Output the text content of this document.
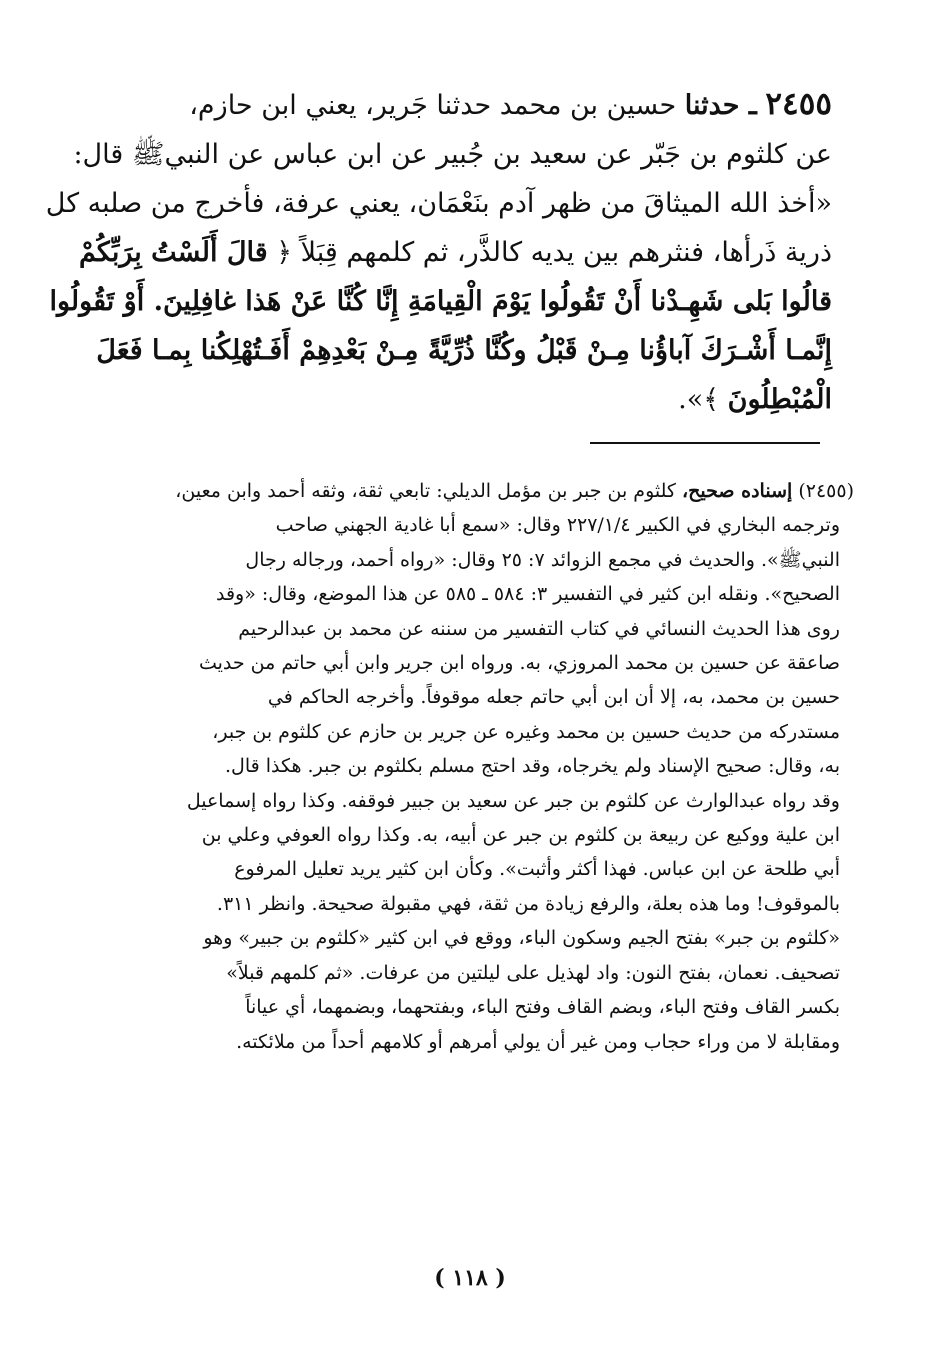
٢٤٥٥ ـ حدثنا حسين بن محمد حدثنا جَرير، يعني ابن حازم،
عن كلثوم بن جَبّر عن سعيد بن جُبير عن ابن عباس عن النبيﷺ قال:
«أخذ الله الميثاقَ من ظهر آدم بنَعْمَان، يعني عرفة، فأخرج من صلبه كل
ذرية ذَرأها، فنثرهم بين يديه كالذَّر، ثم كلمهم قِبَلاً ﴿ قالَ أَلَسْتُ بِرَبِّكُمْ
قالُوا بَلى شَهِـدْنا أَنْ تَقُولُوا يَوْمَ الْقِيامَةِ إِنَّا كُنَّا عَنْ هَذا غافِلِينَ. أَوْ تَقُولُوا
إِنَّمـا أَشْـرَكَ آباؤُنا مِـنْ قَبْلُ وكُنَّا ذُرِّيَّةً مِـنْ بَعْدِهِمْ أَفَـتُهْلِكُنا بِمـا فَعَلَ
الْمُبْطِلُونَ ﴾».
(٢٤٥٥) إسناده صحيح، كلثوم بن جبر بن مؤمل الديلي: تابعي ثقة، وثقه أحمد وابن معين،
وترجمه البخاري في الكبير ٢٢٧/١/٤ وقال: «سمع أبا غادية الجهني صاحب
النبيﷺ». والحديث في مجمع الزوائد ٧: ٢٥ وقال: «رواه أحمد، ورجاله رجال
الصحيح». ونقله ابن كثير في التفسير ٣: ٥٨٤ ـ ٥٨٥ عن هذا الموضع، وقال: «وقد
روى هذا الحديث النسائي في كتاب التفسير من سننه عن محمد بن عبدالرحيم
صاعقة عن حسين بن محمد المروزي، به. ورواه ابن جرير وابن أبي حاتم من حديث
حسين بن محمد، به، إلا أن ابن أبي حاتم جعله موقوفاً. وأخرجه الحاكم في
مستدركه من حديث حسين بن محمد وغيره عن جرير بن حازم عن كلثوم بن جبر،
به، وقال: صحيح الإسناد ولم يخرجاه، وقد احتج مسلم بكلثوم بن جبر. هكذا قال.
وقد رواه عبدالوارث عن كلثوم بن جبر عن سعيد بن جبير فوقفه. وكذا رواه إسماعيل
ابن علية ووكيع عن ربيعة بن كلثوم بن جبر عن أبيه، به. وكذا رواه العوفي وعلي بن
أبي طلحة عن ابن عباس. فهذا أكثر وأثبت». وكأن ابن كثير يريد تعليل المرفوع
بالموقوف! وما هذه بعلة، والرفع زيادة من ثقة، فهي مقبولة صحيحة. وانظر ٣١١.
«كلثوم بن جبر» بفتح الجيم وسكون الباء، ووقع في ابن كثير «كلثوم بن جبير» وهو
تصحيف. نعمان، بفتح النون: واد لهذيل على ليلتين من عرفات. «ثم كلمهم قبلاً»
بكسر القاف وفتح الباء، وبضم القاف وفتح الباء، وبفتحهما، وبضمهما، أي عياناً
ومقابلة لا من وراء حجاب ومن غير أن يولي أمرهم أو كلامهم أحداً من ملائكته.
( ١١٨ )
